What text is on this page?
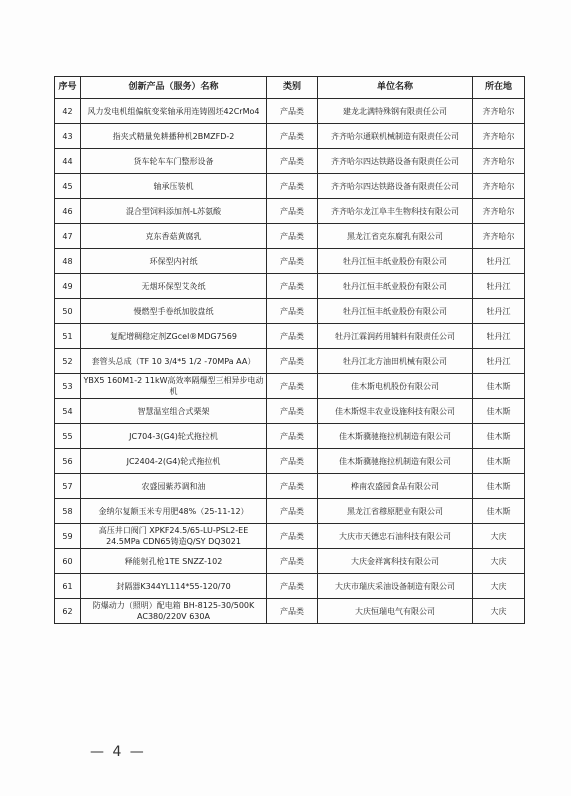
序号	创新产品（服务）名称	类别	单位名称	所在地
42	风力发电机组偏航变桨轴承用连铸圆坯42CrMo4	产品类	建龙北满特殊钢有限责任公司	齐齐哈尔
43	指夹式精量免耕播种机2BMZFD-2	产品类	齐齐哈尔通联机械制造有限责任公司	齐齐哈尔
44	货车轮车车门整形设备	产品类	齐齐哈尔四达铁路设备有限责任公司	齐齐哈尔
45	轴承压装机	产品类	齐齐哈尔四达铁路设备有限责任公司	齐齐哈尔
46	混合型饲料添加剂-L苏氨酸	产品类	齐齐哈尔龙江阜丰生物科技有限公司	齐齐哈尔
47	克东香菇黄腐乳	产品类	黑龙江省克东腐乳有限公司	齐齐哈尔
48	环保型内衬纸	产品类	牡丹江恒丰纸业股份有限公司	牡丹江
49	无烟环保型艾灸纸	产品类	牡丹江恒丰纸业股份有限公司	牡丹江
50	慢燃型手卷纸加胶盘纸	产品类	牡丹江恒丰纸业股份有限公司	牡丹江
51	复配增稠稳定剂ZGcel®MDG7569	产品类	牡丹江霖润药用辅料有限责任公司	牡丹江
52	套管头总成（TF 10 3/4*5 1/2 -70MPa AA）	产品类	牡丹江北方油田机械有限公司	牡丹江
53	YBX5 160M1-2 11kW高效率隔爆型三相异步电动机	产品类	佳木斯电机股份有限公司	佳木斯
54	智慧温室组合式栗架	产品类	佳木斯煜丰农业设施科技有限公司	佳木斯
55	JC704-3(G4)轮式拖拉机	产品类	佳木斯骥驰拖拉机制造有限公司	佳木斯
56	JC2404-2(G4)轮式拖拉机	产品类	佳木斯骥驰拖拉机制造有限公司	佳木斯
57	农盛园紫苏调和油	产品类	桦南农盛园食品有限公司	佳木斯
58	金纳尔复额玉米专用肥48%（25-11-12）	产品类	黑龙江省穆原肥业有限公司	佳木斯
59	高压井口阀门 XPKF24.5/65-LU-PSL2-EE 24.5MPa CDN65铸造Q/SY DQ3021	产品类	大庆市天德忠石油科技有限公司	大庆
60	释能射孔枪1TE SNZZ-102	产品类	大庆金祥寓科技有限公司	大庆
61	封隔器K344YL114*55-120/70	产品类	大庆市瑞庆采油设备制造有限公司	大庆
62	防爆动力（照明）配电箱 BH-8125-30/500K AC380/220V 630A	产品类	大庆恒瑞电气有限公司	大庆
— 4 —
